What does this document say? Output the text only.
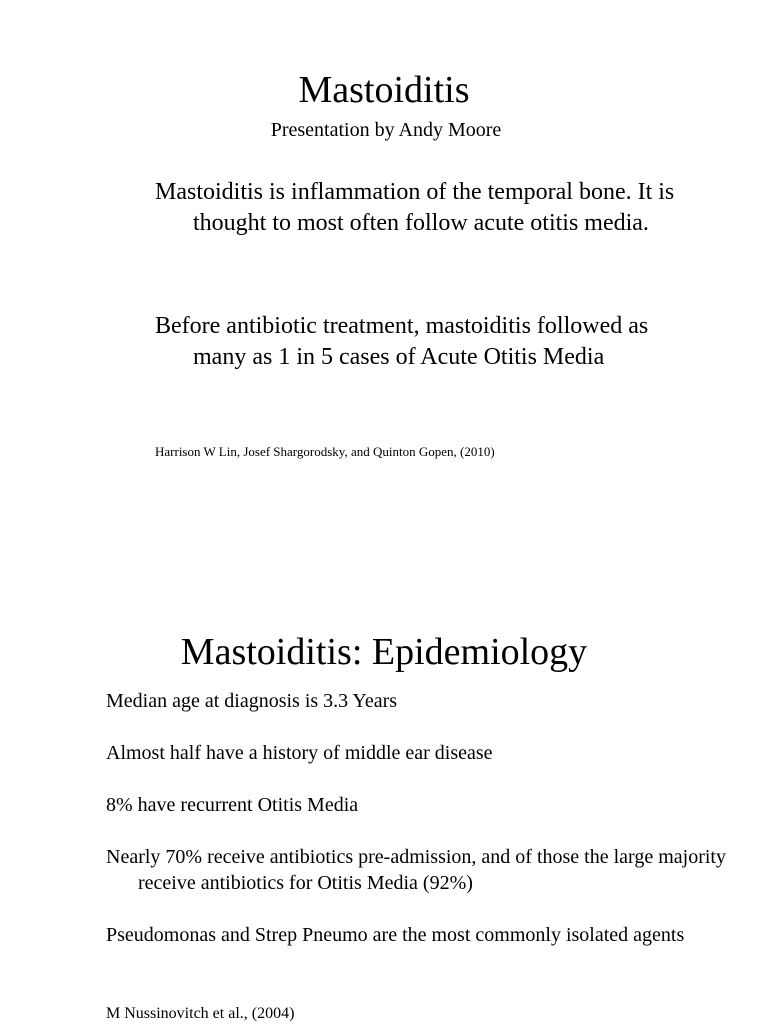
Mastoiditis
Presentation by Andy Moore

Mastoiditis is inflammation of the temporal bone. It is thought to most often follow acute otitis media.

Before antibiotic treatment, mastoiditis followed as many as 1 in 5 cases of Acute Otitis Media

Harrison W Lin, Josef Shargorodsky, and Quinton Gopen, (2010)
Mastoiditis: Epidemiology
Median age at diagnosis is 3.3 Years
Almost half have a history of middle ear disease
8% have recurrent Otitis Media
Nearly 70% receive antibiotics pre-admission, and of those the large majority receive antibiotics for Otitis Media (92%)
Pseudomonas and Strep Pneumo are the most commonly isolated agents
M Nussinovitch et al., (2004)
